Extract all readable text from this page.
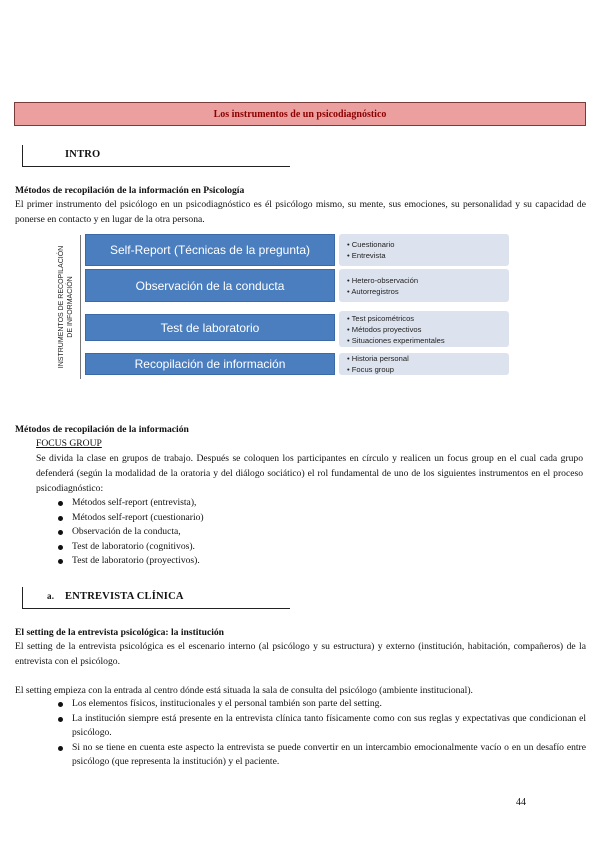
Los instrumentos de un psicodiagnóstico
INTRO
Métodos de recopilación de la información en Psicología
El primer instrumento del psicólogo en un psicodiagnóstico es él psicólogo mismo, su mente, sus emociones, su personalidad y su capacidad de ponerse en contacto y en lugar de la otra persona.
INSTRUMENTOS DE RECOPILACIÓN DE INFORMACIÓN
Self-Report (Técnicas de la pregunta)	• Cuestionario
• Entrevista
Observación de la conducta	• Hetero-observación
• Autorregistros
Test de laboratorio
• Test psicométricos
• Métodos proyectivos
• Situaciones experimentales
Recopilación de información	• Historia personal
• Focus group
Métodos de recopilación de la información
FOCUS GROUP
Se divida la clase en grupos de trabajo. Después se coloquen los participantes en círculo y realicen un focus group en el cual cada grupo defenderá (según la modalidad de la oratoria y del diálogo sociático) el rol fundamental de uno de los siguientes instrumentos en el proceso psicodiagnóstico:
Métodos self-report (entrevista),
Métodos self-report (cuestionario)
Observación de la conducta,
Test de laboratorio (cognitivos).
Test de laboratorio (proyectivos).
a. ENTREVISTA CLÍNICA
El setting de la entrevista psicológica: la institución
El setting de la entrevista psicológica es el escenario interno (al psicólogo y su estructura) y externo (institución, habitación, compañeros) de la entrevista con el psicólogo.
El setting empieza con la entrada al centro dónde está situada la sala de consulta del psicólogo (ambiente institucional).
Los elementos físicos, institucionales y el personal también son parte del setting.
La institución siempre está presente en la entrevista clínica tanto físicamente como con sus reglas y expectativas que condicionan el psicólogo.
Si no se tiene en cuenta este aspecto la entrevista se puede convertir en un intercambio emocionalmente vacío o en un desafío entre psicólogo (que representa la institución) y el paciente.
44
